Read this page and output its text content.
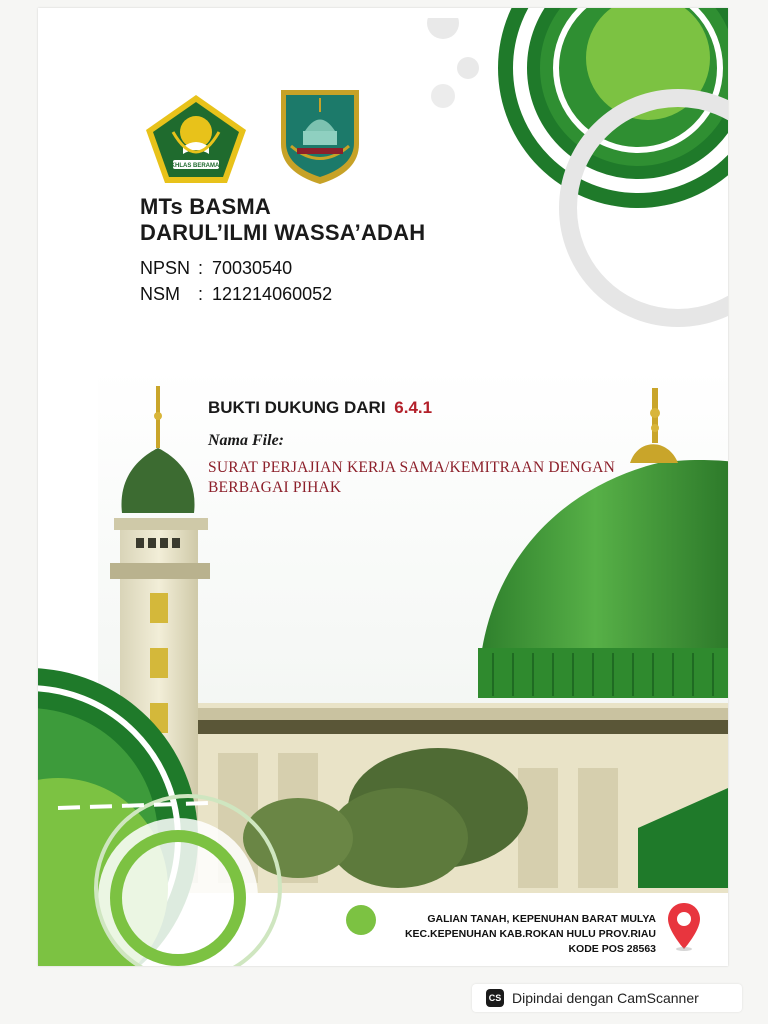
IKHLAS BERAMAL
MTs BASMA
DARUL’ILMI WASSA’ADAH
NPSN : 70030540
NSM : 121214060052
BUKTI DUKUNG DARI 6.4.1
Nama File:
SURAT PERJAJIAN KERJA SAMA/KEMITRAAN DENGAN BERBAGAI PIHAK
GALIAN TANAH, KEPENUHAN BARAT MULYA
KEC.KEPENUHAN KAB.ROKAN HULU PROV.RIAU
KODE POS 28563
CS Dipindai dengan CamScanner
